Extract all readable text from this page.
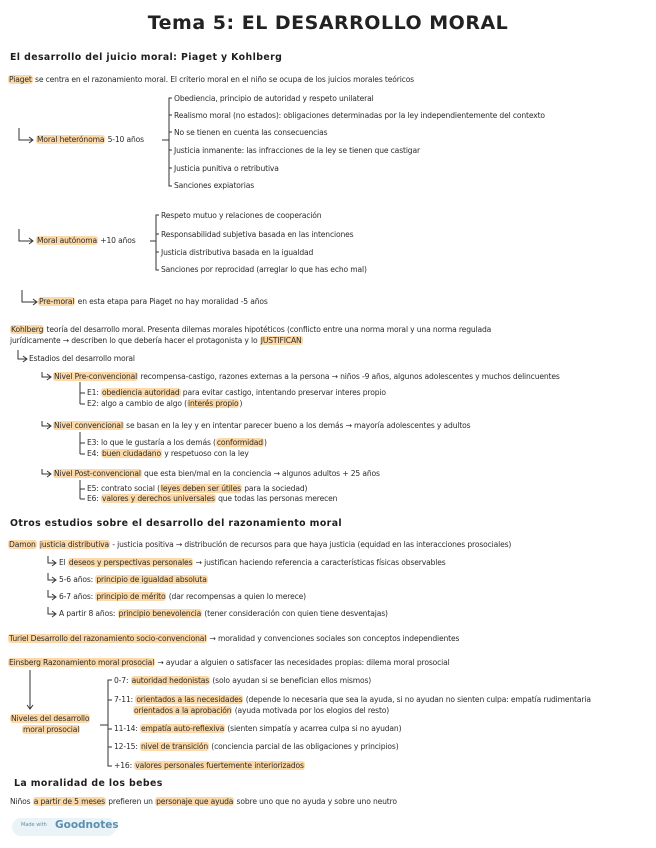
Tema 5: EL DESARROLLO MORAL
El desarrollo del juicio moral: Piaget y Kohlberg
Piaget se centra en el razonamiento moral. El criterio moral en el niño se ocupa de los juicios morales teóricos
Moral heterónoma 5-10 años
Obediencia, principio de autoridad y respeto unilateral
Realismo moral (no estados): obligaciones determinadas por la ley independientemente del contexto
No se tienen en cuenta las consecuencias
Justicia inmanente: las infracciones de la ley se tienen que castigar
Justicia punitiva o retributiva
Sanciones expiatorias
Moral autónoma +10 años
Respeto mutuo y relaciones de cooperación
Responsabilidad subjetiva basada en las intenciones
Justicia distributiva basada en la igualdad
Sanciones por reprocidad (arreglar lo que has echo mal)
Pre-moral en esta etapa para Piaget no hay moralidad -5 años
Kohlberg teoría del desarrollo moral. Presenta dilemas morales hipotéticos (conflicto entre una norma moral y una norma regulada
jurídicamente → describen lo que debería hacer el protagonista y lo JUSTIFICAN
Estadios del desarrollo moral
Nivel Pre-convencional recompensa-castigo, razones externas a la persona → niños -9 años, algunos adolescentes y muchos delincuentes
E1: obediencia autoridad para evitar castigo, intentando preservar interes propio
E2: algo a cambio de algo (interés propio)
Nivel convencional se basan en la ley y en intentar parecer bueno a los demás → mayoría adolescentes y adultos
E3: lo que le gustaría a los demás (conformidad)
E4: buen ciudadano y respetuoso con la ley
Nivel Post-convencional que esta bien/mal en la conciencia → algunos adultos + 25 años
E5: contrato social (leyes deben ser útiles para la sociedad)
E6: valores y derechos universales que todas las personas merecen
Otros estudios sobre el desarrollo del razonamiento moral
Damon justicia distributiva - justicia positiva → distribución de recursos para que haya justicia (equidad en las interacciones prosociales)
El deseos y perspectivas personales → justifican haciendo referencia a características físicas observables
5-6 años: principio de igualdad absoluta
6-7 años: principio de mérito (dar recompensas a quien lo merece)
A partir 8 años: principio benevolencia (tener consideración con quien tiene desventajas)
Turiel Desarrollo del razonamiento socio-convencional → moralidad y convenciones sociales son conceptos independientes
Einsberg Razonamiento moral prosocial → ayudar a alguien o satisfacer las necesidades propias: dilema moral prosocial
Niveles del desarrollo
moral prosocial
0-7: autoridad hedonistas (solo ayudan si se benefician ellos mismos)
7-11: orientados a las necesidades (depende lo necesaria que sea la ayuda, si no ayudan no sienten culpa: empatía rudimentaria
orientados a la aprobación (ayuda motivada por los elogios del resto)
11-14: empatía auto-reflexiva (sienten simpatía y acarrea culpa si no ayudan)
12-15: nivel de transición (conciencia parcial de las obligaciones y principios)
+16: valores personales fuertemente interiorizados
La moralidad de los bebes
Niños a partir de 5 meses prefieren un personaje que ayuda sobre uno que no ayuda y sobre uno neutro
Made with Goodnotes
